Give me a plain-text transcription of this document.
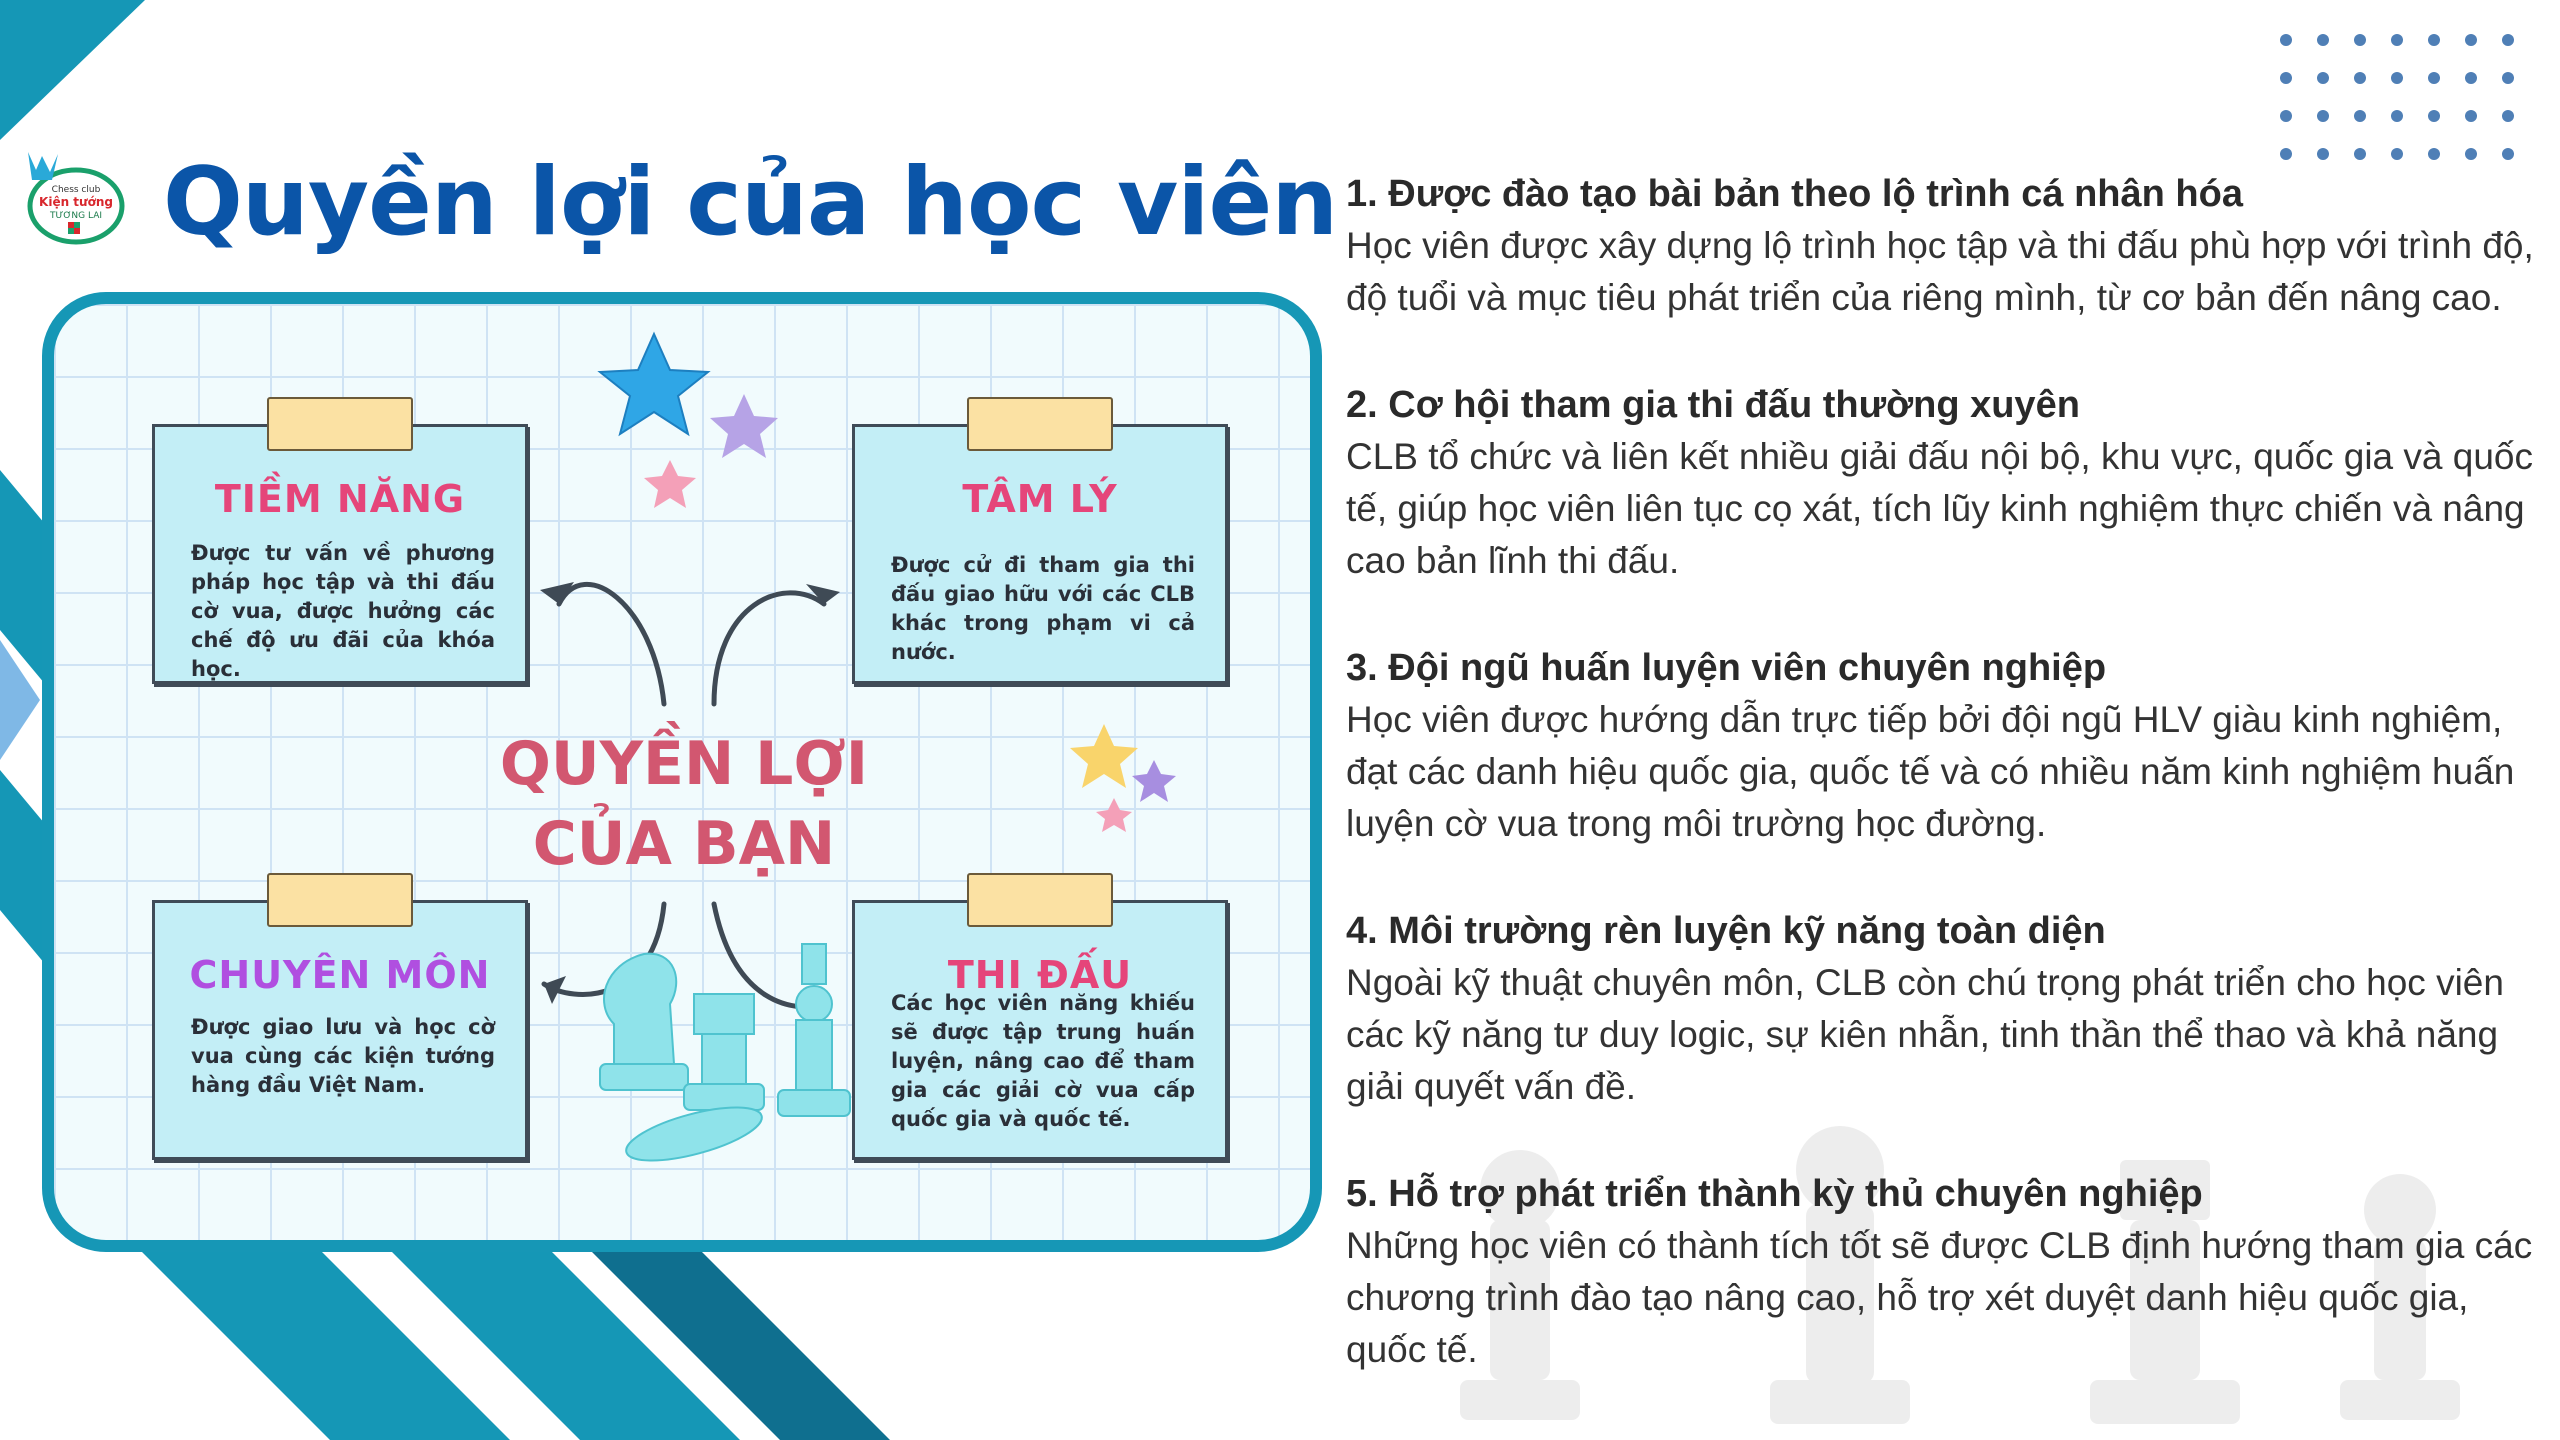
Chess club
Kiện tướng
TƯƠNG LAI Quyền lợi của học viên
TIỀM NĂNG

Được tư vấn về phương pháp học tập và thi đấu cờ vua, được hưởng các chế độ ưu đãi của khóa học.

TÂM LÝ

Được cử đi tham gia thi đấu giao hữu với các CLB khác trong phạm vi cả nước.

CHUYÊN MÔN

Được giao lưu và học cờ vua cùng các kiện tướng hàng đầu Việt Nam.

THI ĐẤU

Các học viên năng khiếu sẽ được tập trung huấn luyện, nâng cao để tham gia các giải cờ vua cấp quốc gia và quốc tế.

QUYỀN LỢI
CỦA BẠN
1. Được đào tạo bài bản theo lộ trình cá nhân hóa

Học viên được xây dựng lộ trình học tập và thi đấu phù hợp với trình độ, độ tuổi và mục tiêu phát triển của riêng mình, từ cơ bản đến nâng cao.

2. Cơ hội tham gia thi đấu thường xuyên

CLB tổ chức và liên kết nhiều giải đấu nội bộ, khu vực, quốc gia và quốc tế, giúp học viên liên tục cọ xát, tích lũy kinh nghiệm thực chiến và nâng cao bản lĩnh thi đấu.

3. Đội ngũ huấn luyện viên chuyên nghiệp

Học viên được hướng dẫn trực tiếp bởi đội ngũ HLV giàu kinh nghiệm, đạt các danh hiệu quốc gia, quốc tế và có nhiều năm kinh nghiệm huấn luyện cờ vua trong môi trường học đường.

4. Môi trường rèn luyện kỹ năng toàn diện

Ngoài kỹ thuật chuyên môn, CLB còn chú trọng phát triển cho học viên các kỹ năng tư duy logic, sự kiên nhẫn, tinh thần thể thao và khả năng giải quyết vấn đề.

5. Hỗ trợ phát triển thành kỳ thủ chuyên nghiệp

Những học viên có thành tích tốt sẽ được CLB định hướng tham gia các chương trình đào tạo nâng cao, hỗ trợ xét duyệt danh hiệu quốc gia, quốc tế.
